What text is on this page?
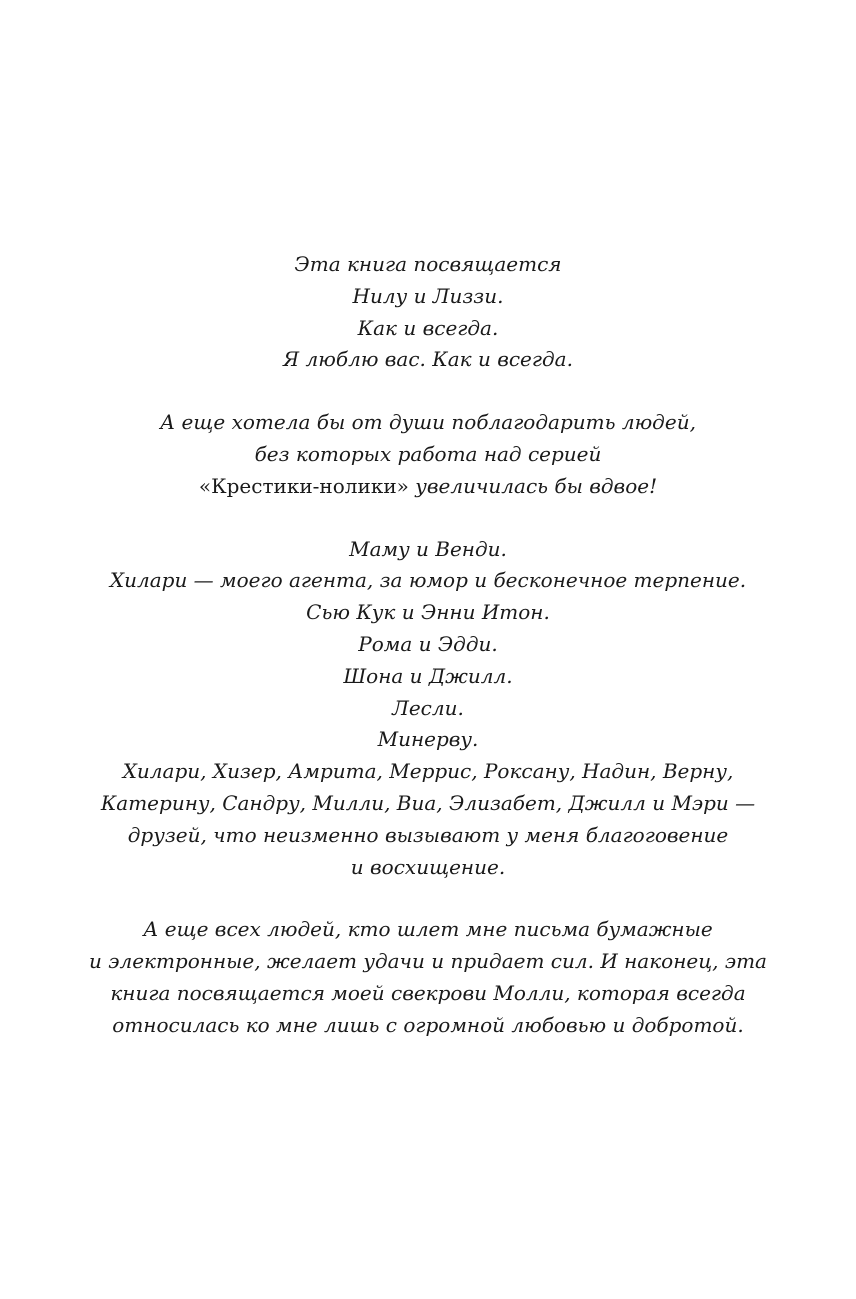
Эта книга посвящается
Нилу и Лиззи.
Как и всегда.
Я люблю вас. Как и всегда.
А еще хотела бы от души поблагодарить людей,
без которых работа над серией
«Крестики-нолики» увеличилась бы вдвое!
Маму и Венди.
Хилари — моего агента, за юмор и бесконечное терпение.
Сью Кук и Энни Итон.
Рома и Эдди.
Шона и Джилл.
Лесли.
Минерву.
Хилари, Хизер, Амрита, Меррис, Роксану, Надин, Верну,
Катерину, Сандру, Милли, Виа, Элизабет, Джилл и Мэри —
друзей, что неизменно вызывают у меня благоговение
и восхищение.
А еще всех людей, кто шлет мне письма бумажные
и электронные, желает удачи и придает сил. И наконец, эта
книга посвящается моей свекрови Молли, которая всегда
относилась ко мне лишь с огромной любовью и добротой.
